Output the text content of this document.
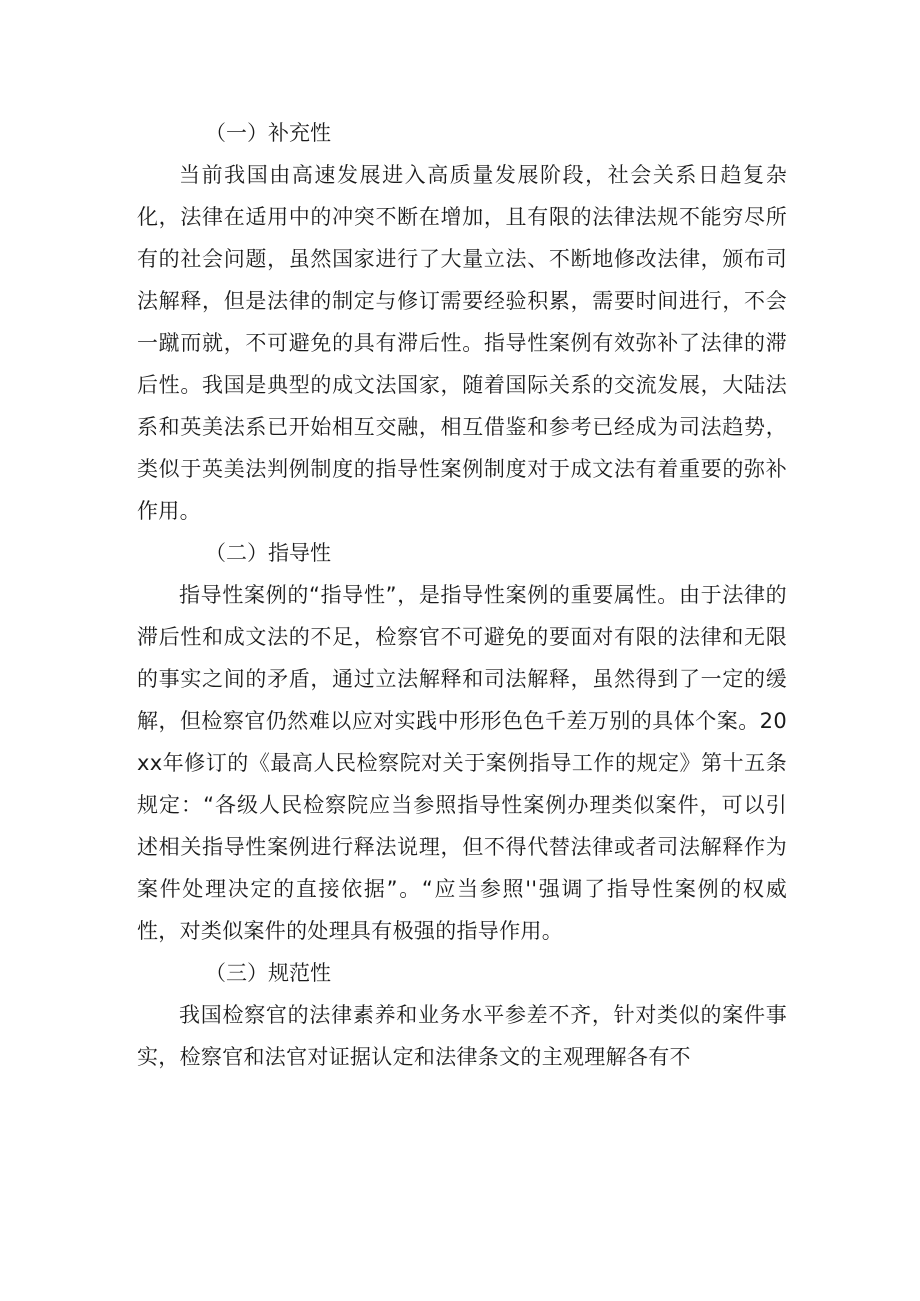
（一）补充性
当前我国由高速发展进入高质量发展阶段，社会关系日趋复杂化，法律在适用中的冲突不断在增加，且有限的法律法规不能穷尽所有的社会问题，虽然国家进行了大量立法、不断地修改法律，颁布司法解释，但是法律的制定与修订需要经验积累，需要时间进行，不会一蹴而就，不可避免的具有滞后性。指导性案例有效弥补了法律的滞后性。我国是典型的成文法国家，随着国际关系的交流发展，大陆法系和英美法系已开始相互交融，相互借鉴和参考已经成为司法趋势，类似于英美法判例制度的指导性案例制度对于成文法有着重要的弥补作用。
（二）指导性
指导性案例的“指导性”，是指导性案例的重要属性。由于法律的滞后性和成文法的不足，检察官不可避免的要面对有限的法律和无限的事实之间的矛盾，通过立法解释和司法解释，虽然得到了一定的缓解，但检察官仍然难以应对实践中形形色色千差万别的具体个案。20xx年修订的《最高人民检察院对关于案例指导工作的规定》第十五条规定：“各级人民检察院应当参照指导性案例办理类似案件，可以引述相关指导性案例进行释法说理，但不得代替法律或者司法解释作为案件处理决定的直接依据”。“应当参照''强调了指导性案例的权威性，对类似案件的处理具有极强的指导作用。
（三）规范性
我国检察官的法律素养和业务水平参差不齐，针对类似的案件事实，检察官和法官对证据认定和法律条文的主观理解各有不
